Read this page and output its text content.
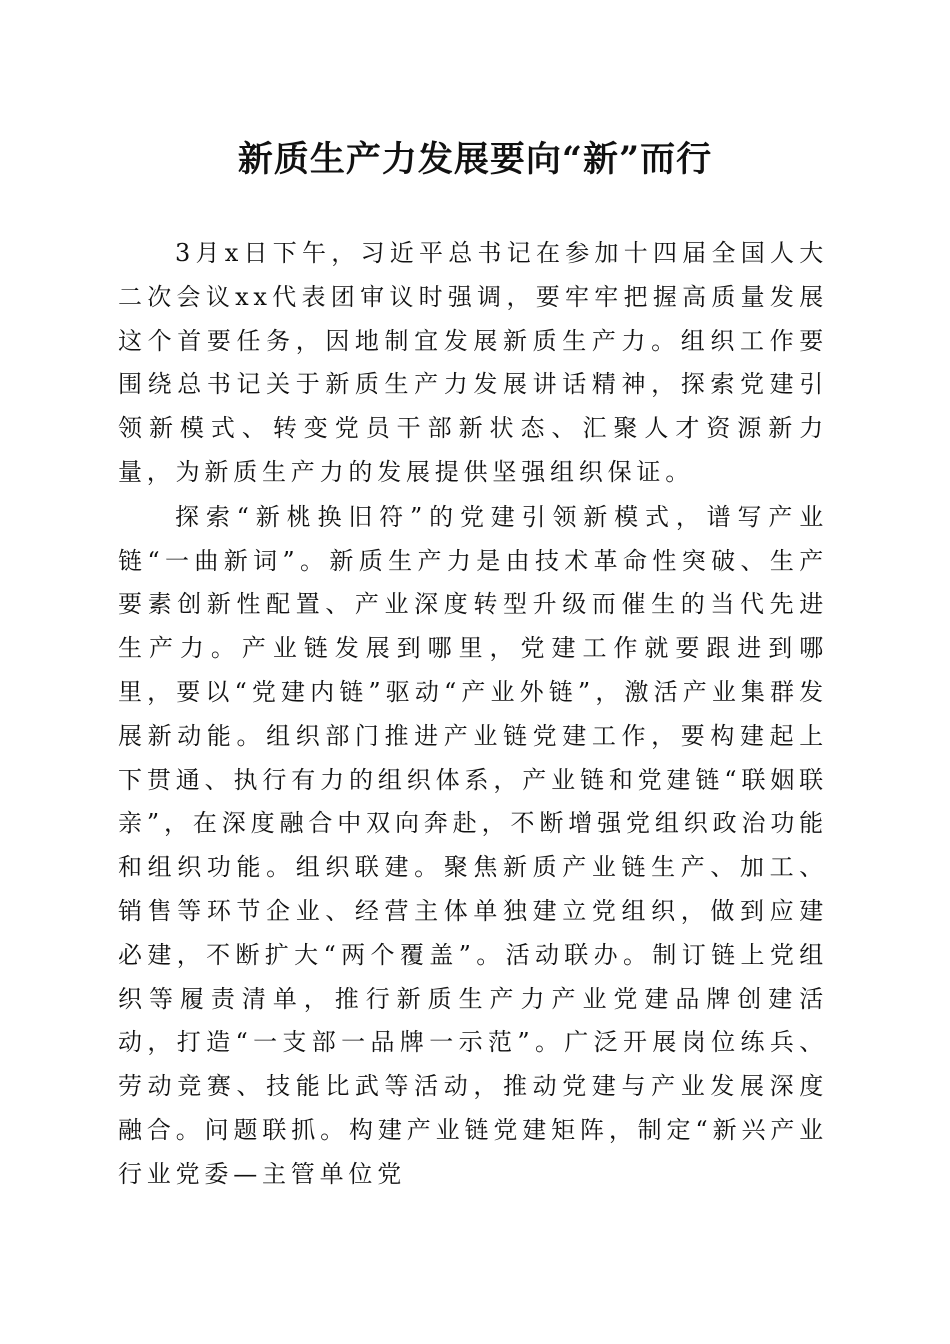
新质生产力发展要向“新”而行

3月x日下午，习近平总书记在参加十四届全国人大二次会议xx代表团审议时强调，要牢牢把握高质量发展这个首要任务，因地制宜发展新质生产力。组织工作要围绕总书记关于新质生产力发展讲话精神，探索党建引领新模式、转变党员干部新状态、汇聚人才资源新力量，为新质生产力的发展提供坚强组织保证。

探索“新桃换旧符”的党建引领新模式，谱写产业链“一曲新词”。新质生产力是由技术革命性突破、生产要素创新性配置、产业深度转型升级而催生的当代先进生产力。产业链发展到哪里，党建工作就要跟进到哪里，要以“党建内链”驱动“产业外链”，激活产业集群发展新动能。组织部门推进产业链党建工作，要构建起上下贯通、执行有力的组织体系，产业链和党建链“联姻联亲”，在深度融合中双向奔赴，不断增强党组织政治功能和组织功能。组织联建。聚焦新质产业链生产、加工、销售等环节企业、经营主体单独建立党组织，做到应建必建，不断扩大“两个覆盖”。活动联办。制订链上党组织等履责清单，推行新质生产力产业党建品牌创建活动，打造“一支部一品牌一示范”。广泛开展岗位练兵、劳动竞赛、技能比武等活动，推动党建与产业发展深度融合。问题联抓。构建产业链党建矩阵，制定“新兴产业行业党委—主管单位党
